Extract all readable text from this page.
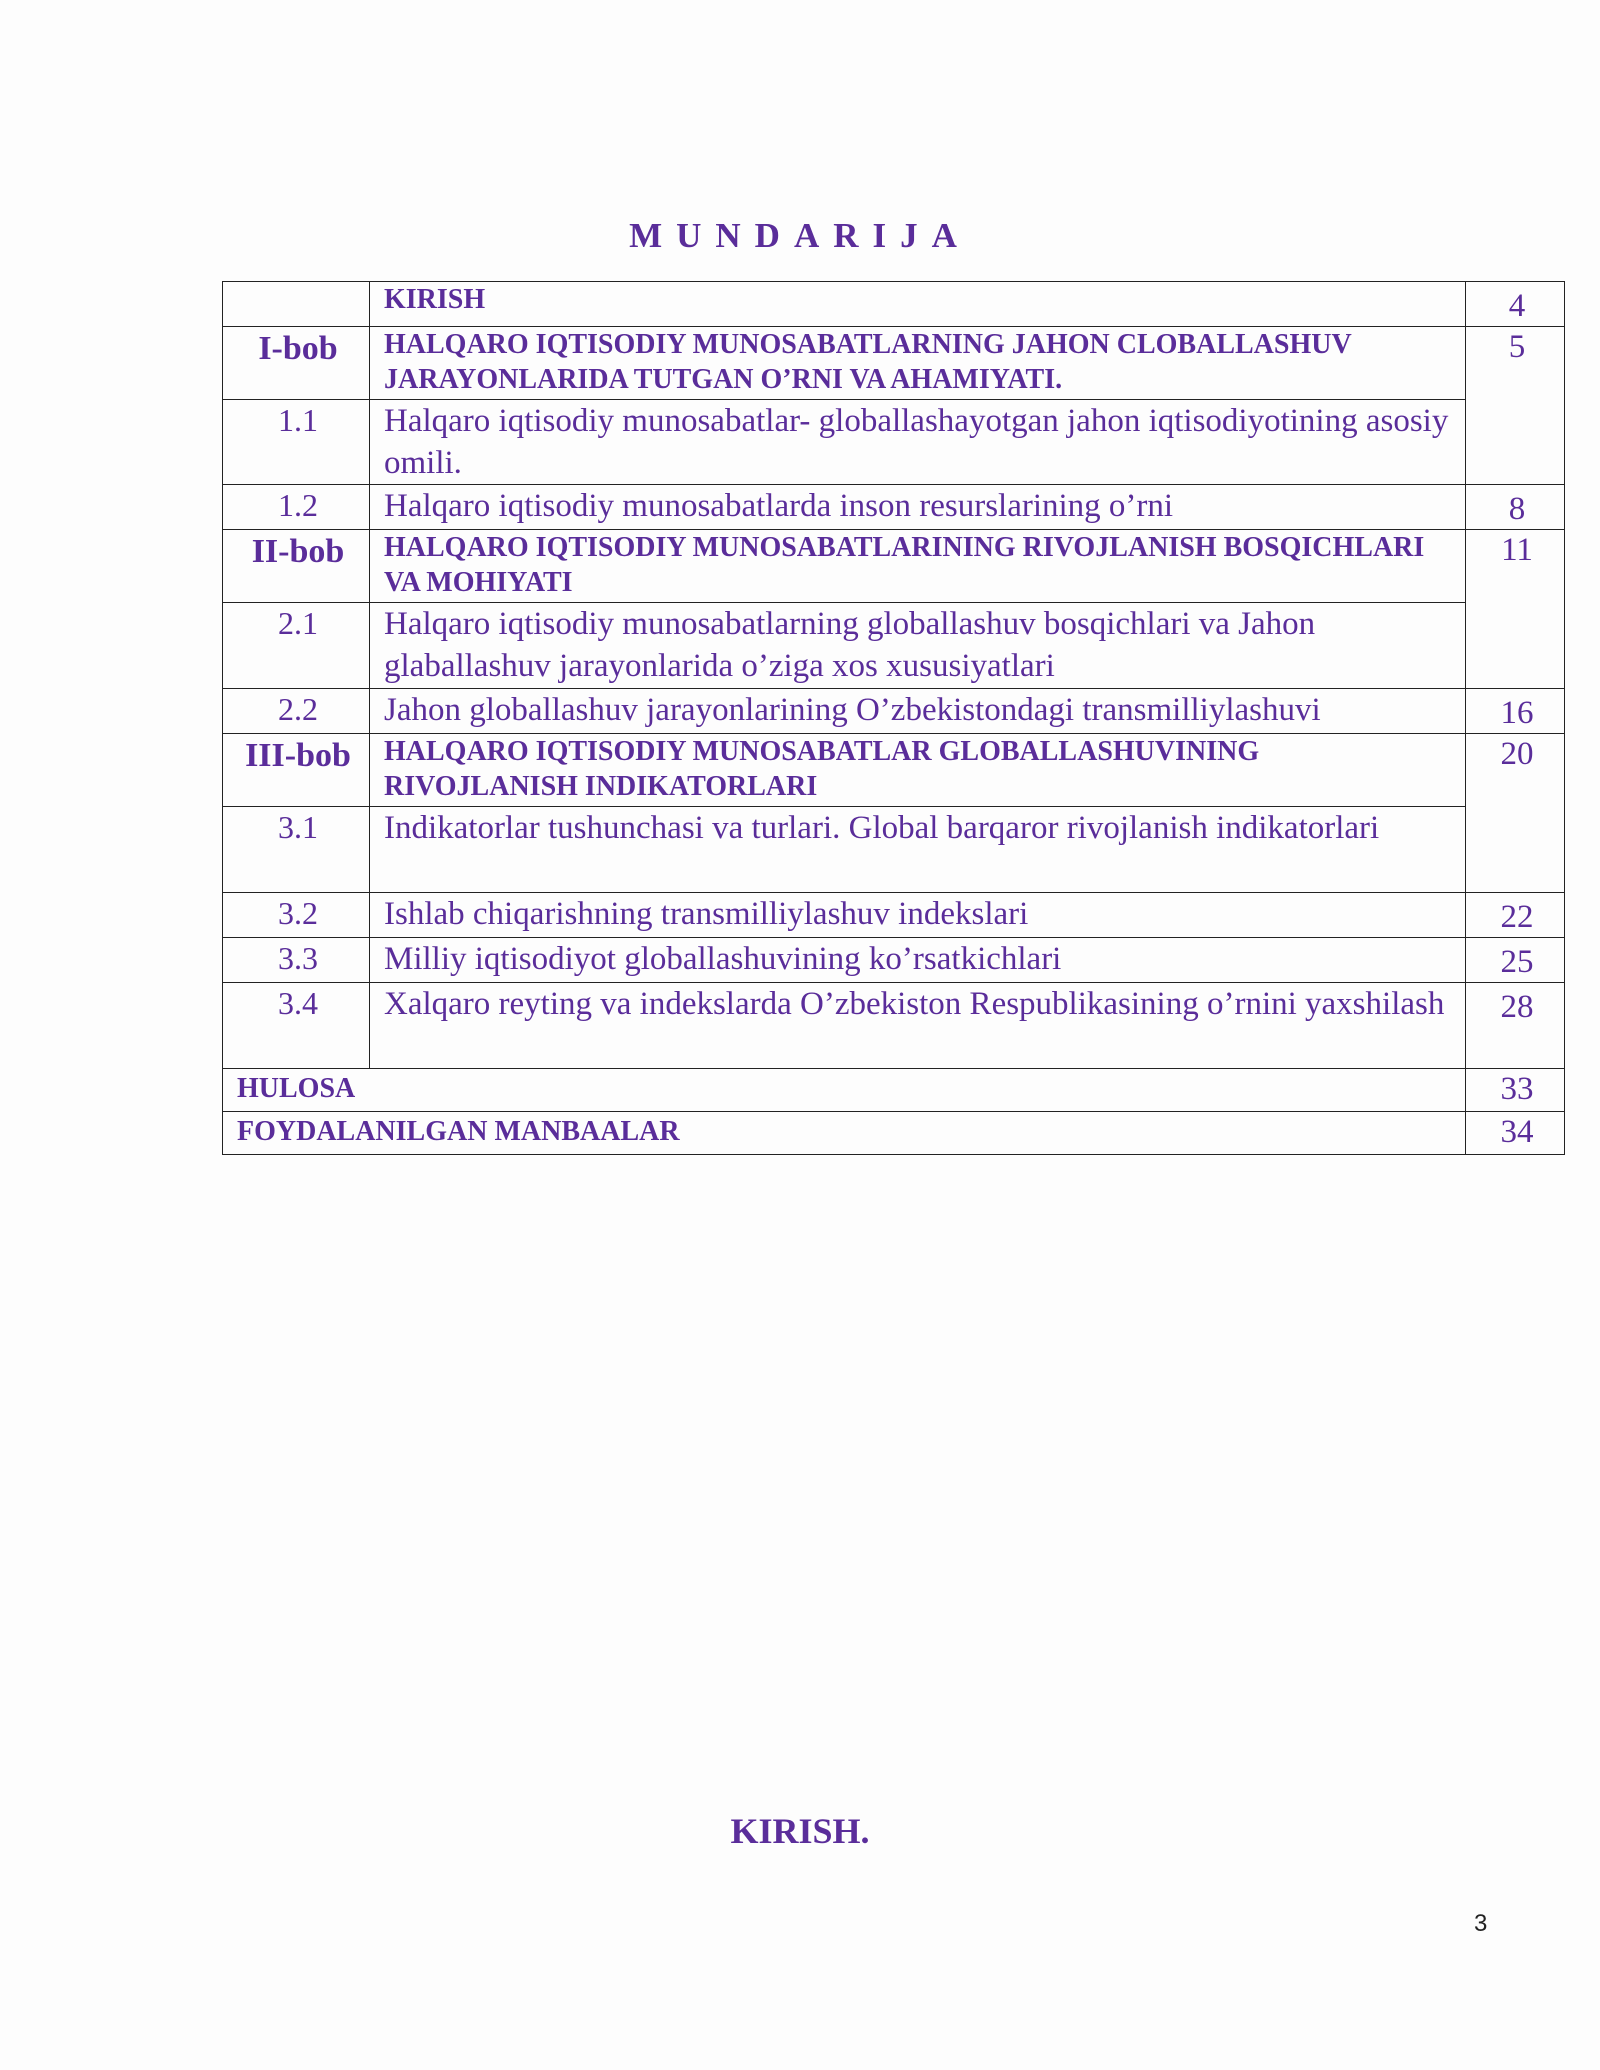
MUNDARIJA
	KIRISH	4
I-bob	HALQARO IQTISODIY MUNOSABATLARNING JAHON CLOBALLASHUV JARAYONLARIDA TUTGAN O’RNI VA AHAMIYATI.	5
1.1	Halqaro iqtisodiy munosabatlar- globallashayotgan jahon iqtisodiyotining asosiy omili.	
1.2	Halqaro iqtisodiy munosabatlarda inson resurslarining o’rni	8
II-bob	HALQARO IQTISODIY MUNOSABATLARINING RIVOJLANISH BOSQICHLARI VA MOHIYATI	11
2.1	Halqaro iqtisodiy munosabatlarning globallashuv bosqichlari va Jahon glaballashuv jarayonlarida o’ziga xos xususiyatlari	
2.2	Jahon globallashuv jarayonlarining O’zbekistondagi transmilliylashuvi	16
III-bob	HALQARO IQTISODIY MUNOSABATLAR GLOBALLASHUVINING RIVOJLANISH INDIKATORLARI	20
3.1	Indikatorlar tushunchasi va turlari. Global barqaror rivojlanish indikatorlari	
3.2	Ishlab chiqarishning transmilliylashuv indekslari	22
3.3	Milliy iqtisodiyot globallashuvining ko’rsatkichlari	25
3.4	Xalqaro reyting va indekslarda O’zbekiston Respublikasining o’rnini yaxshilash	28
HULOSA		33
FOYDALANILGAN MANBAALAR		34
KIRISH.
3
